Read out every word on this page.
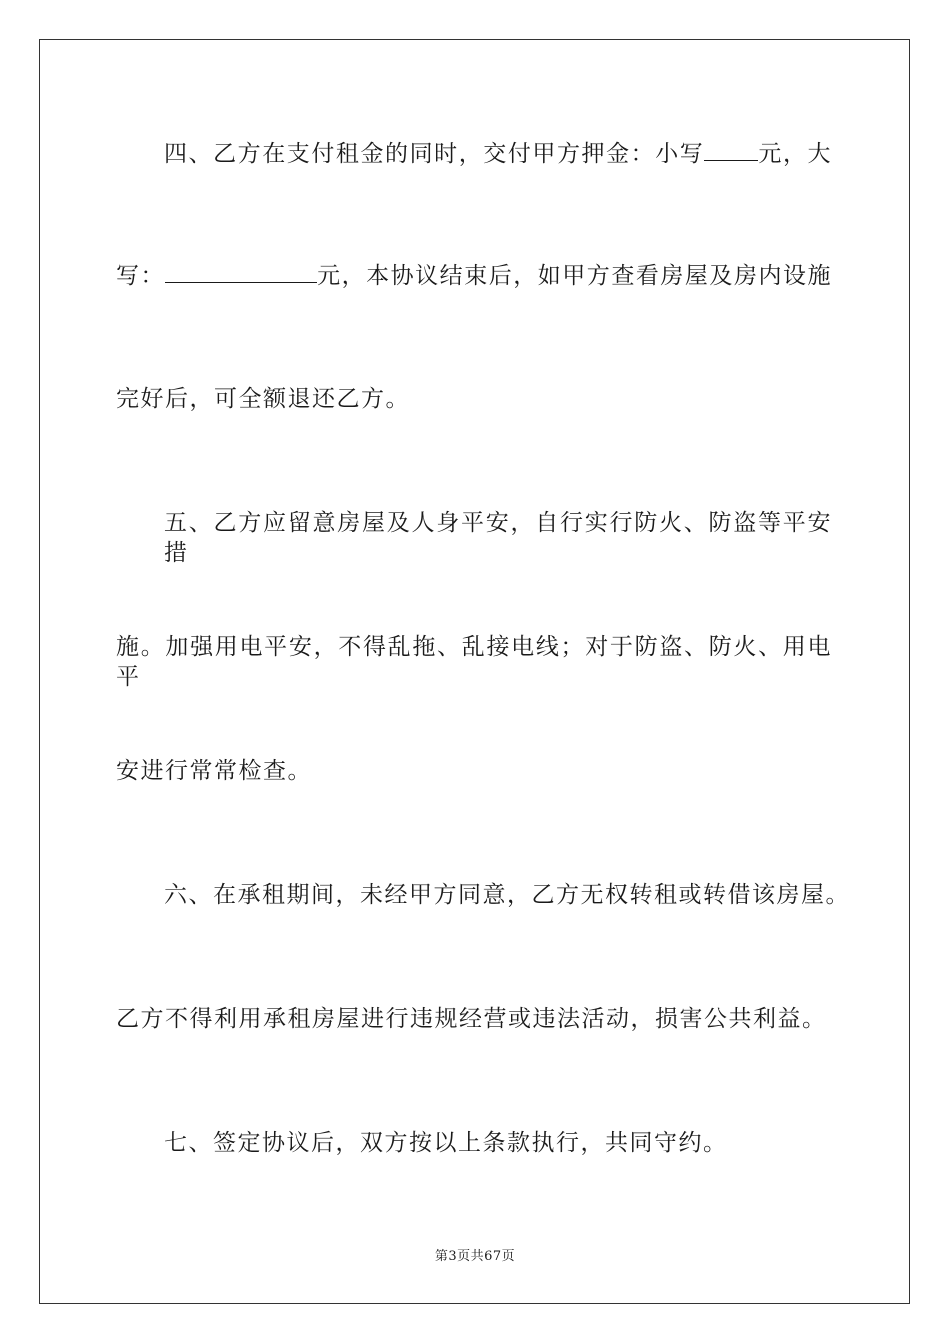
四、乙方在支付租金的同时，交付甲方押金：小写 元，大
写：	元，本协议结束后，如甲方查看房屋及房内设施
完好后，可全额退还乙方。
五、乙方应留意房屋及人身平安，自行实行防火、防盗等平安措
施。加强用电平安，不得乱拖、乱接电线；对于防盗、防火、用电平
安进行常常检查。
六、在承租期间，未经甲方同意，乙方无权转租或转借该房屋。
乙方不得利用承租房屋进行违规经营或违法活动，损害公共利益。
七、签定协议后，双方按以上条款执行，共同守约。
第3页共67页
